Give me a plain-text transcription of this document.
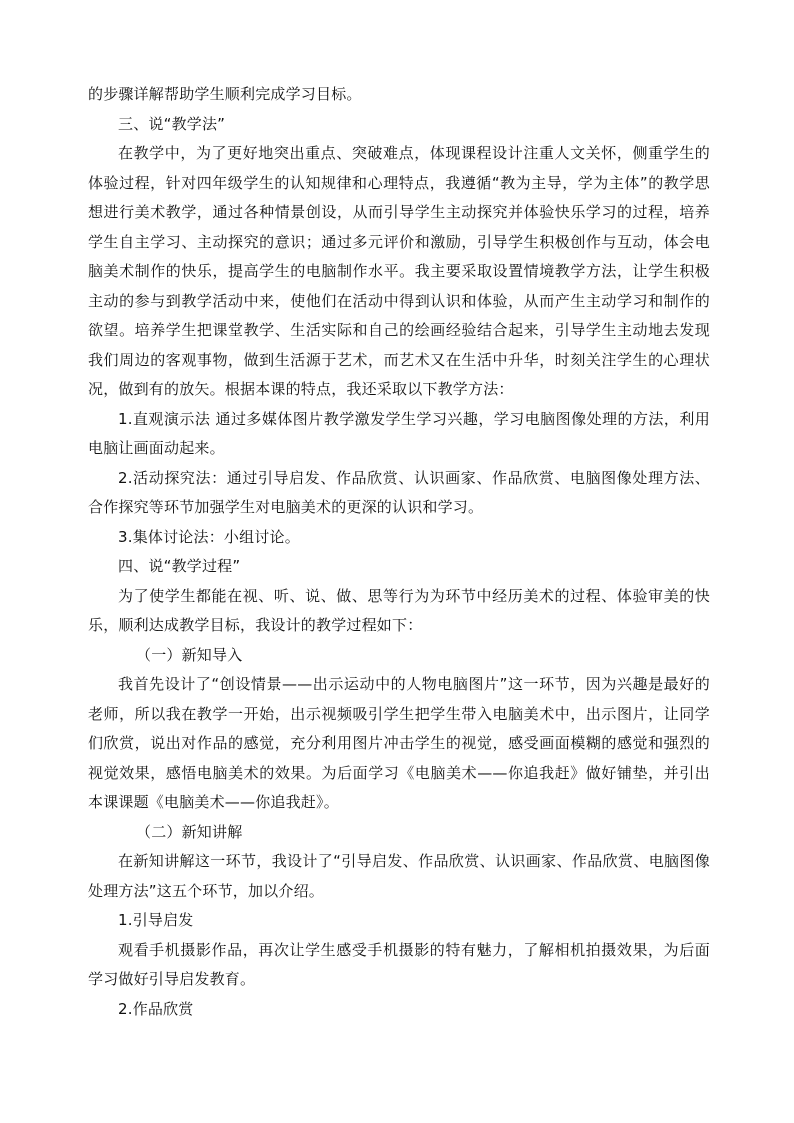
的步骤详解帮助学生顺利完成学习目标。

三、说“教学法”

在教学中，为了更好地突出重点、突破难点，体现课程设计注重人文关怀，侧重学生的体验过程，针对四年级学生的认知规律和心理特点，我遵循“教为主导，学为主体”的教学思想进行美术教学，通过各种情景创设，从而引导学生主动探究并体验快乐学习的过程，培养学生自主学习、主动探究的意识；通过多元评价和激励，引导学生积极创作与互动，体会电脑美术制作的快乐，提高学生的电脑制作水平。我主要采取设置情境教学方法，让学生积极主动的参与到教学活动中来，使他们在活动中得到认识和体验，从而产生主动学习和制作的欲望。培养学生把课堂教学、生活实际和自己的绘画经验结合起来，引导学生主动地去发现我们周边的客观事物，做到生活源于艺术，而艺术又在生活中升华，时刻关注学生的心理状况，做到有的放矢。根据本课的特点，我还采取以下教学方法：

1.直观演示法 通过多媒体图片教学激发学生学习兴趣，学习电脑图像处理的方法，利用电脑让画面动起来。

2.活动探究法：通过引导启发、作品欣赏、认识画家、作品欣赏、电脑图像处理方法、合作探究等环节加强学生对电脑美术的更深的认识和学习。

3.集体讨论法：小组讨论。

四、说“教学过程”

为了使学生都能在视、听、说、做、思等行为为环节中经历美术的过程、体验审美的快乐，顺利达成教学目标，我设计的教学过程如下：

（一）新知导入

我首先设计了“创设情景——出示运动中的人物电脑图片”这一环节，因为兴趣是最好的老师，所以我在教学一开始，出示视频吸引学生把学生带入电脑美术中，出示图片，让同学们欣赏，说出对作品的感觉，充分利用图片冲击学生的视觉，感受画面模糊的感觉和强烈的视觉效果，感悟电脑美术的效果。为后面学习《电脑美术——你追我赶》做好铺垫，并引出本课课题《电脑美术——你追我赶》。

（二）新知讲解

在新知讲解这一环节，我设计了“引导启发、作品欣赏、认识画家、作品欣赏、电脑图像处理方法”这五个环节，加以介绍。

1.引导启发

观看手机摄影作品，再次让学生感受手机摄影的特有魅力，了解相机拍摄效果，为后面学习做好引导启发教育。

2.作品欣赏
